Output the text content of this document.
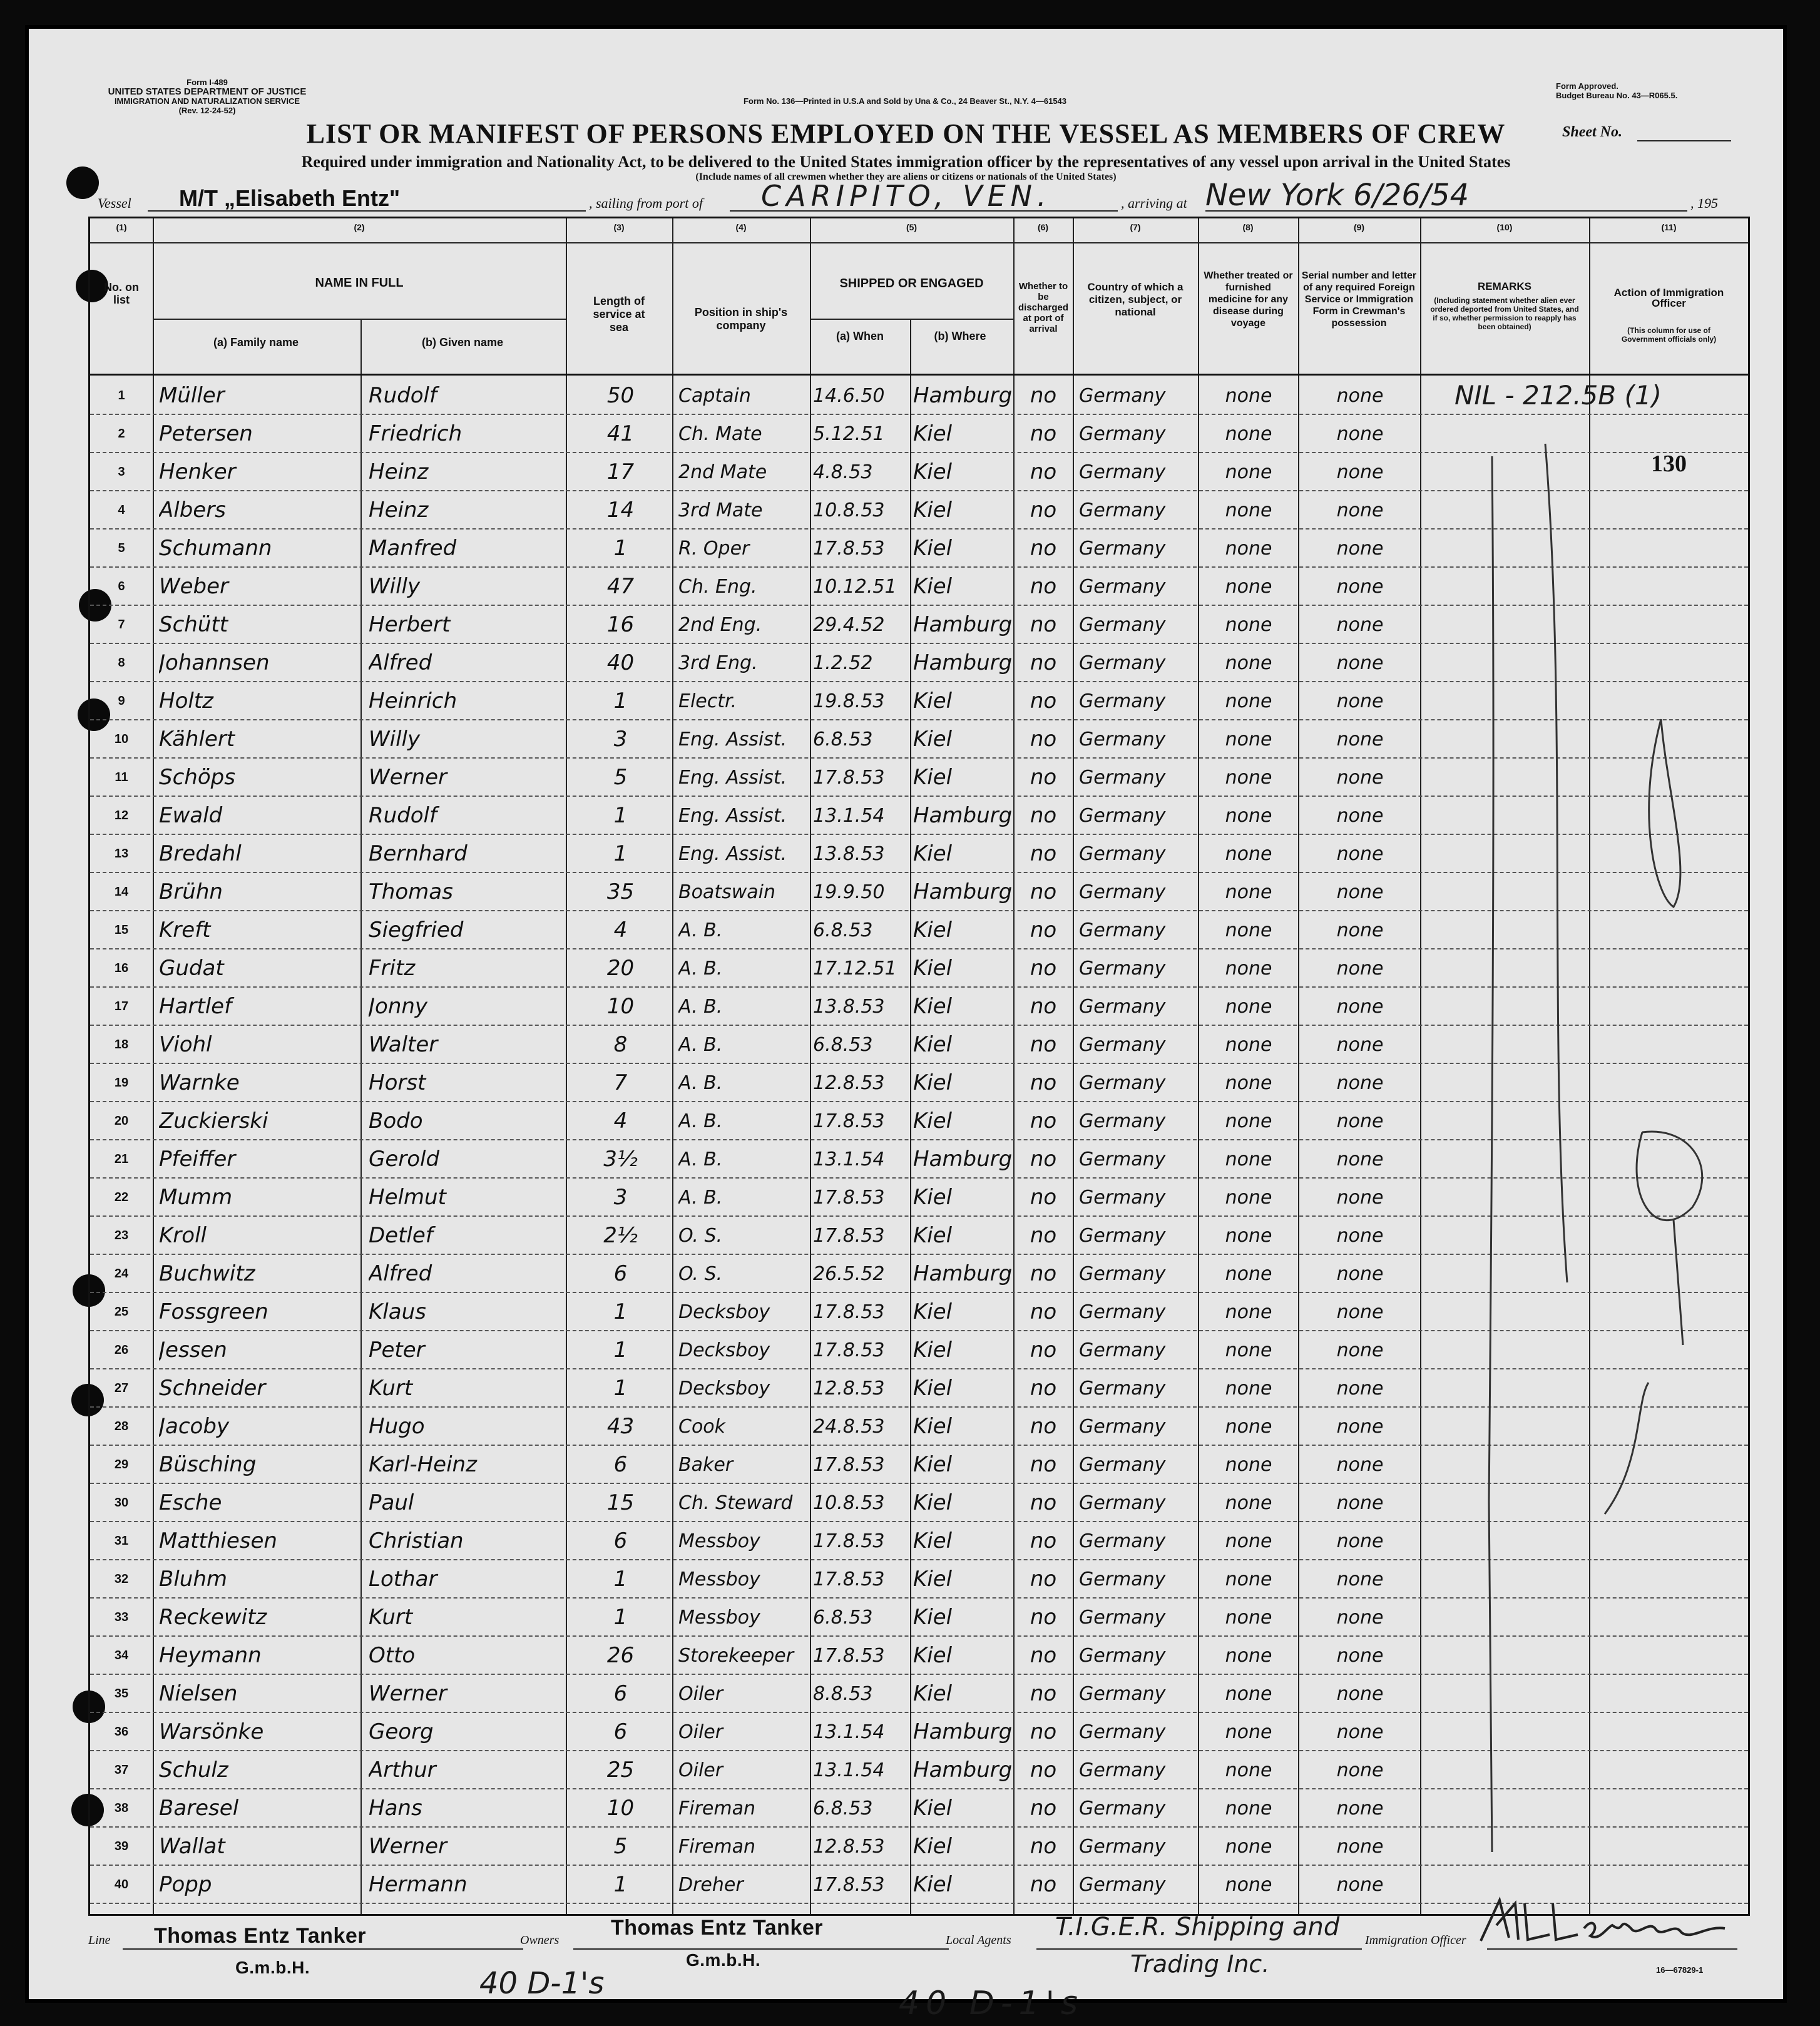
Form I-489
UNITED STATES DEPARTMENT OF JUSTICE
IMMIGRATION AND NATURALIZATION SERVICE
(Rev. 12-24-52)
Form No. 136—Printed in U.S.A and Sold by Una & Co., 24 Beaver St., N.Y. 4—61543
Form Approved.
Budget Bureau No. 43—R065.5.
LIST OR MANIFEST OF PERSONS EMPLOYED ON THE VESSEL AS MEMBERS OF CREW	Sheet No.
Required under immigration and Nationality Act, to be delivered to the United States immigration officer by the representatives of any vessel upon arrival in the United States
(Include names of all crewmen whether they are aliens or citizens or nationals of the United States)
Vessel M/T „Elisabeth Entz"	, sailing from port of CARIPITO, VEN.	, arriving at New York 6/26/54	, 195
(1)	(2)	(3)	(4)	(5)	(6)	(7)	(8)	(9)	(10)	(11)
No. on list
NAME IN FULL
(a) Family name	(b) Given name
Length of service at sea
Position in ship's company
SHIPPED OR ENGAGED
(a) When	(b) Where
Whether to be discharged at port of arrival
Country of which a citizen, subject, or national
Whether treated or furnished medicine for any disease during voyage
Serial number and letter of any required Foreign Service or Immigration Form in Crewman's possession
REMARKS
(Including statement whether alien ever ordered deported from United States, and if so, whether permission to reapply has been obtained)
Action of Immigration Officer
(This column for use of Government officials only)
1	Müller	Rudolf	50	Captain	14.6.50	Hamburg no	Germany	none	none
2	Petersen	Friedrich	41	Ch. Mate	5.12.51	Kiel	no	Germany	none	none
3	Henker	Heinz	17	2nd Mate	4.8.53	Kiel	no	Germany	none	none
4	Albers	Heinz	14	3rd Mate	10.8.53	Kiel	no	Germany	none	none
5	Schumann	Manfred	1	R. Oper	17.8.53	Kiel	no	Germany	none	none
6	Weber	Willy	47	Ch. Eng.	10.12.51 Kiel	no	Germany	none	none
7	Schütt	Herbert	16	2nd Eng.	29.4.52	Hamburg no	Germany	none	none
8	Johannsen	Alfred	40	3rd Eng.	1.2.52	Hamburg no	Germany	none	none
9	Holtz	Heinrich	1	Electr.	19.8.53	Kiel	no	Germany	none	none
10	Kählert	Willy	3	Eng. Assist.	6.8.53	Kiel	no	Germany	none	none
11	Schöps	Werner	5	Eng. Assist.	17.8.53	Kiel	no	Germany	none	none
12	Ewald	Rudolf	1	Eng. Assist.	13.1.54	Hamburg no	Germany	none	none
13	Bredahl	Bernhard	1	Eng. Assist.	13.8.53	Kiel	no	Germany	none	none
14	Brühn	Thomas	35	Boatswain	19.9.50	Hamburg no	Germany	none	none
15	Kreft	Siegfried	4	A. B.	6.8.53	Kiel	no	Germany	none	none
16	Gudat	Fritz	20	A. B.	17.12.51 Kiel	no	Germany	none	none
17	Hartlef	Jonny	10	A. B.	13.8.53	Kiel	no	Germany	none	none
18	Viohl	Walter	8	A. B.	6.8.53	Kiel	no	Germany	none	none
19	Warnke	Horst	7	A. B.	12.8.53	Kiel	no	Germany	none	none
20	Zuckierski	Bodo	4	A. B.	17.8.53	Kiel	no	Germany	none	none
21	Pfeiffer	Gerold	3½	A. B.	13.1.54	Hamburg no	Germany	none	none
22	Mumm	Helmut	3	A. B.	17.8.53	Kiel	no	Germany	none	none
23	Kroll	Detlef	2½	O. S.	17.8.53	Kiel	no	Germany	none	none
24	Buchwitz	Alfred	6	O. S.	26.5.52	Hamburg no	Germany	none	none
25	Fossgreen	Klaus	1	Decksboy	17.8.53	Kiel	no	Germany	none	none
26	Jessen	Peter	1	Decksboy	17.8.53	Kiel	no	Germany	none	none
27	Schneider	Kurt	1	Decksboy	12.8.53	Kiel	no	Germany	none	none
28	Jacoby	Hugo	43	Cook	24.8.53	Kiel	no	Germany	none	none
29	Büsching	Karl-Heinz	6	Baker	17.8.53	Kiel	no	Germany	none	none
30	Esche	Paul	15	Ch. Steward	10.8.53	Kiel	no	Germany	none	none
31	Matthiesen	Christian	6	Messboy	17.8.53	Kiel	no	Germany	none	none
32	Bluhm	Lothar	1	Messboy	17.8.53	Kiel	no	Germany	none	none
33	Reckewitz	Kurt	1	Messboy	6.8.53	Kiel	no	Germany	none	none
34	Heymann	Otto	26	Storekeeper	17.8.53	Kiel	no	Germany	none	none
35	Nielsen	Werner	6	Oiler	8.8.53	Kiel	no	Germany	none	none
36	Warsönke	Georg	6	Oiler	13.1.54	Hamburg no	Germany	none	none
37	Schulz	Arthur	25	Oiler	13.1.54	Hamburg no	Germany	none	none
38	Baresel	Hans	10	Fireman	6.8.53	Kiel	no	Germany	none	none
39	Wallat	Werner	5	Fireman	12.8.53	Kiel	no	Germany	none	none
40	Popp	Hermann	1	Dreher	17.8.53	Kiel	no	Germany	none	none
NIL - 212.5B (1)
130
Line Thomas Entz Tanker
G.m.b.H.
Owners
Thomas Entz Tanker
G.m.b.H.
Local Agents T.I.G.E.R. Shipping and
Trading Inc.
Immigration Officer
40 D-1's
40 D-1's
16—67829-1
